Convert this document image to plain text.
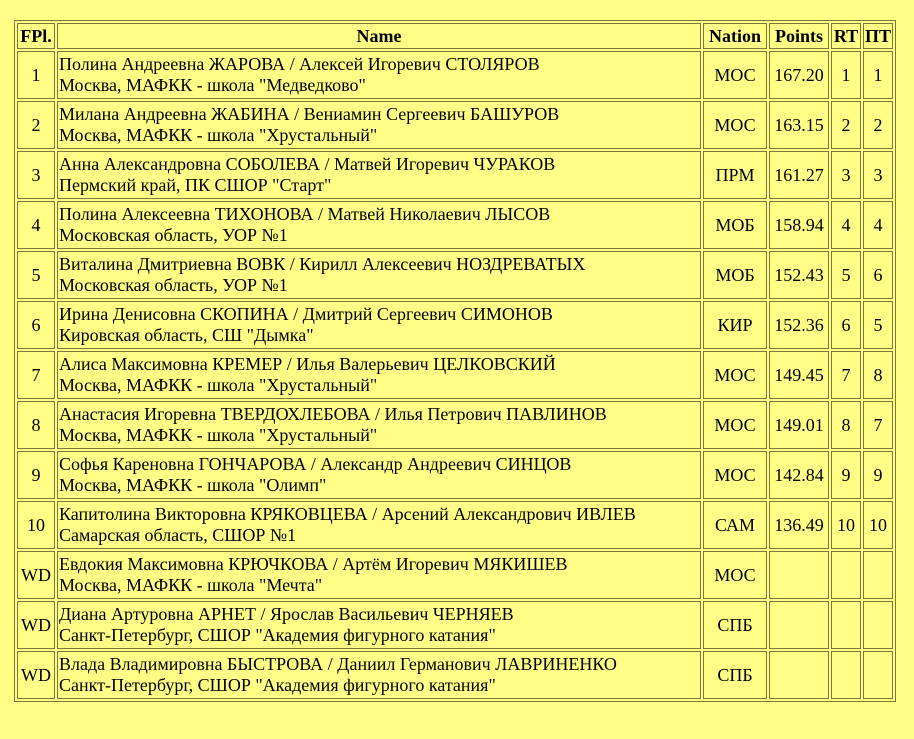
FPl.	Name	Nation	Points	RT	ПТ
1	Полина Андреевна ЖАРОВА / Алексей Игоревич СТОЛЯРОВ
Москва, МАФКК - школа "Медведково"	МОС	167.20	1	1
2	Милана Андреевна ЖАБИНА / Вениамин Сергеевич БАШУРОВ
Москва, МАФКК - школа "Хрустальный"	МОС	163.15	2	2
3	Анна Александровна СОБОЛЕВА / Матвей Игоревич ЧУРАКОВ
Пермский край, ПК СШОР "Старт"	ПРМ	161.27	3	3
4	Полина Алексеевна ТИХОНОВА / Матвей Николаевич ЛЫСОВ
Московская область, УОР №1	МОБ	158.94	4	4
5	Виталина Дмитриевна ВОВК / Кирилл Алексеевич НОЗДРЕВАТЫХ
Московская область, УОР №1	МОБ	152.43	5	6
6	Ирина Денисовна СКОПИНА / Дмитрий Сергеевич СИМОНОВ
Кировская область, СШ "Дымка"	КИР	152.36	6	5
7	Алиса Максимовна КРЕМЕР / Илья Валерьевич ЦЕЛКОВСКИЙ
Москва, МАФКК - школа "Хрустальный"	МОС	149.45	7	8
8	Анастасия Игоревна ТВЕРДОХЛЕБОВА / Илья Петрович ПАВЛИНОВ
Москва, МАФКК - школа "Хрустальный"	МОС	149.01	8	7
9	Софья Кареновна ГОНЧАРОВА / Александр Андреевич СИНЦОВ
Москва, МАФКК - школа "Олимп"	МОС	142.84	9	9
10	Капитолина Викторовна КРЯКОВЦЕВА / Арсений Александрович ИВЛЕВ
Самарская область, СШОР №1	САМ	136.49	10	10
WD	Евдокия Максимовна КРЮЧКОВА / Артём Игоревич МЯКИШЕВ
Москва, МАФКК - школа "Мечта"	МОС			
WD	Диана Артуровна АРНЕТ / Ярослав Васильевич ЧЕРНЯЕВ
Санкт-Петербург, СШОР "Академия фигурного катания"	СПБ			
WD	Влада Владимировна БЫСТРОВА / Даниил Германович ЛАВРИНЕНКО
Санкт-Петербург, СШОР "Академия фигурного катания"	СПБ			
